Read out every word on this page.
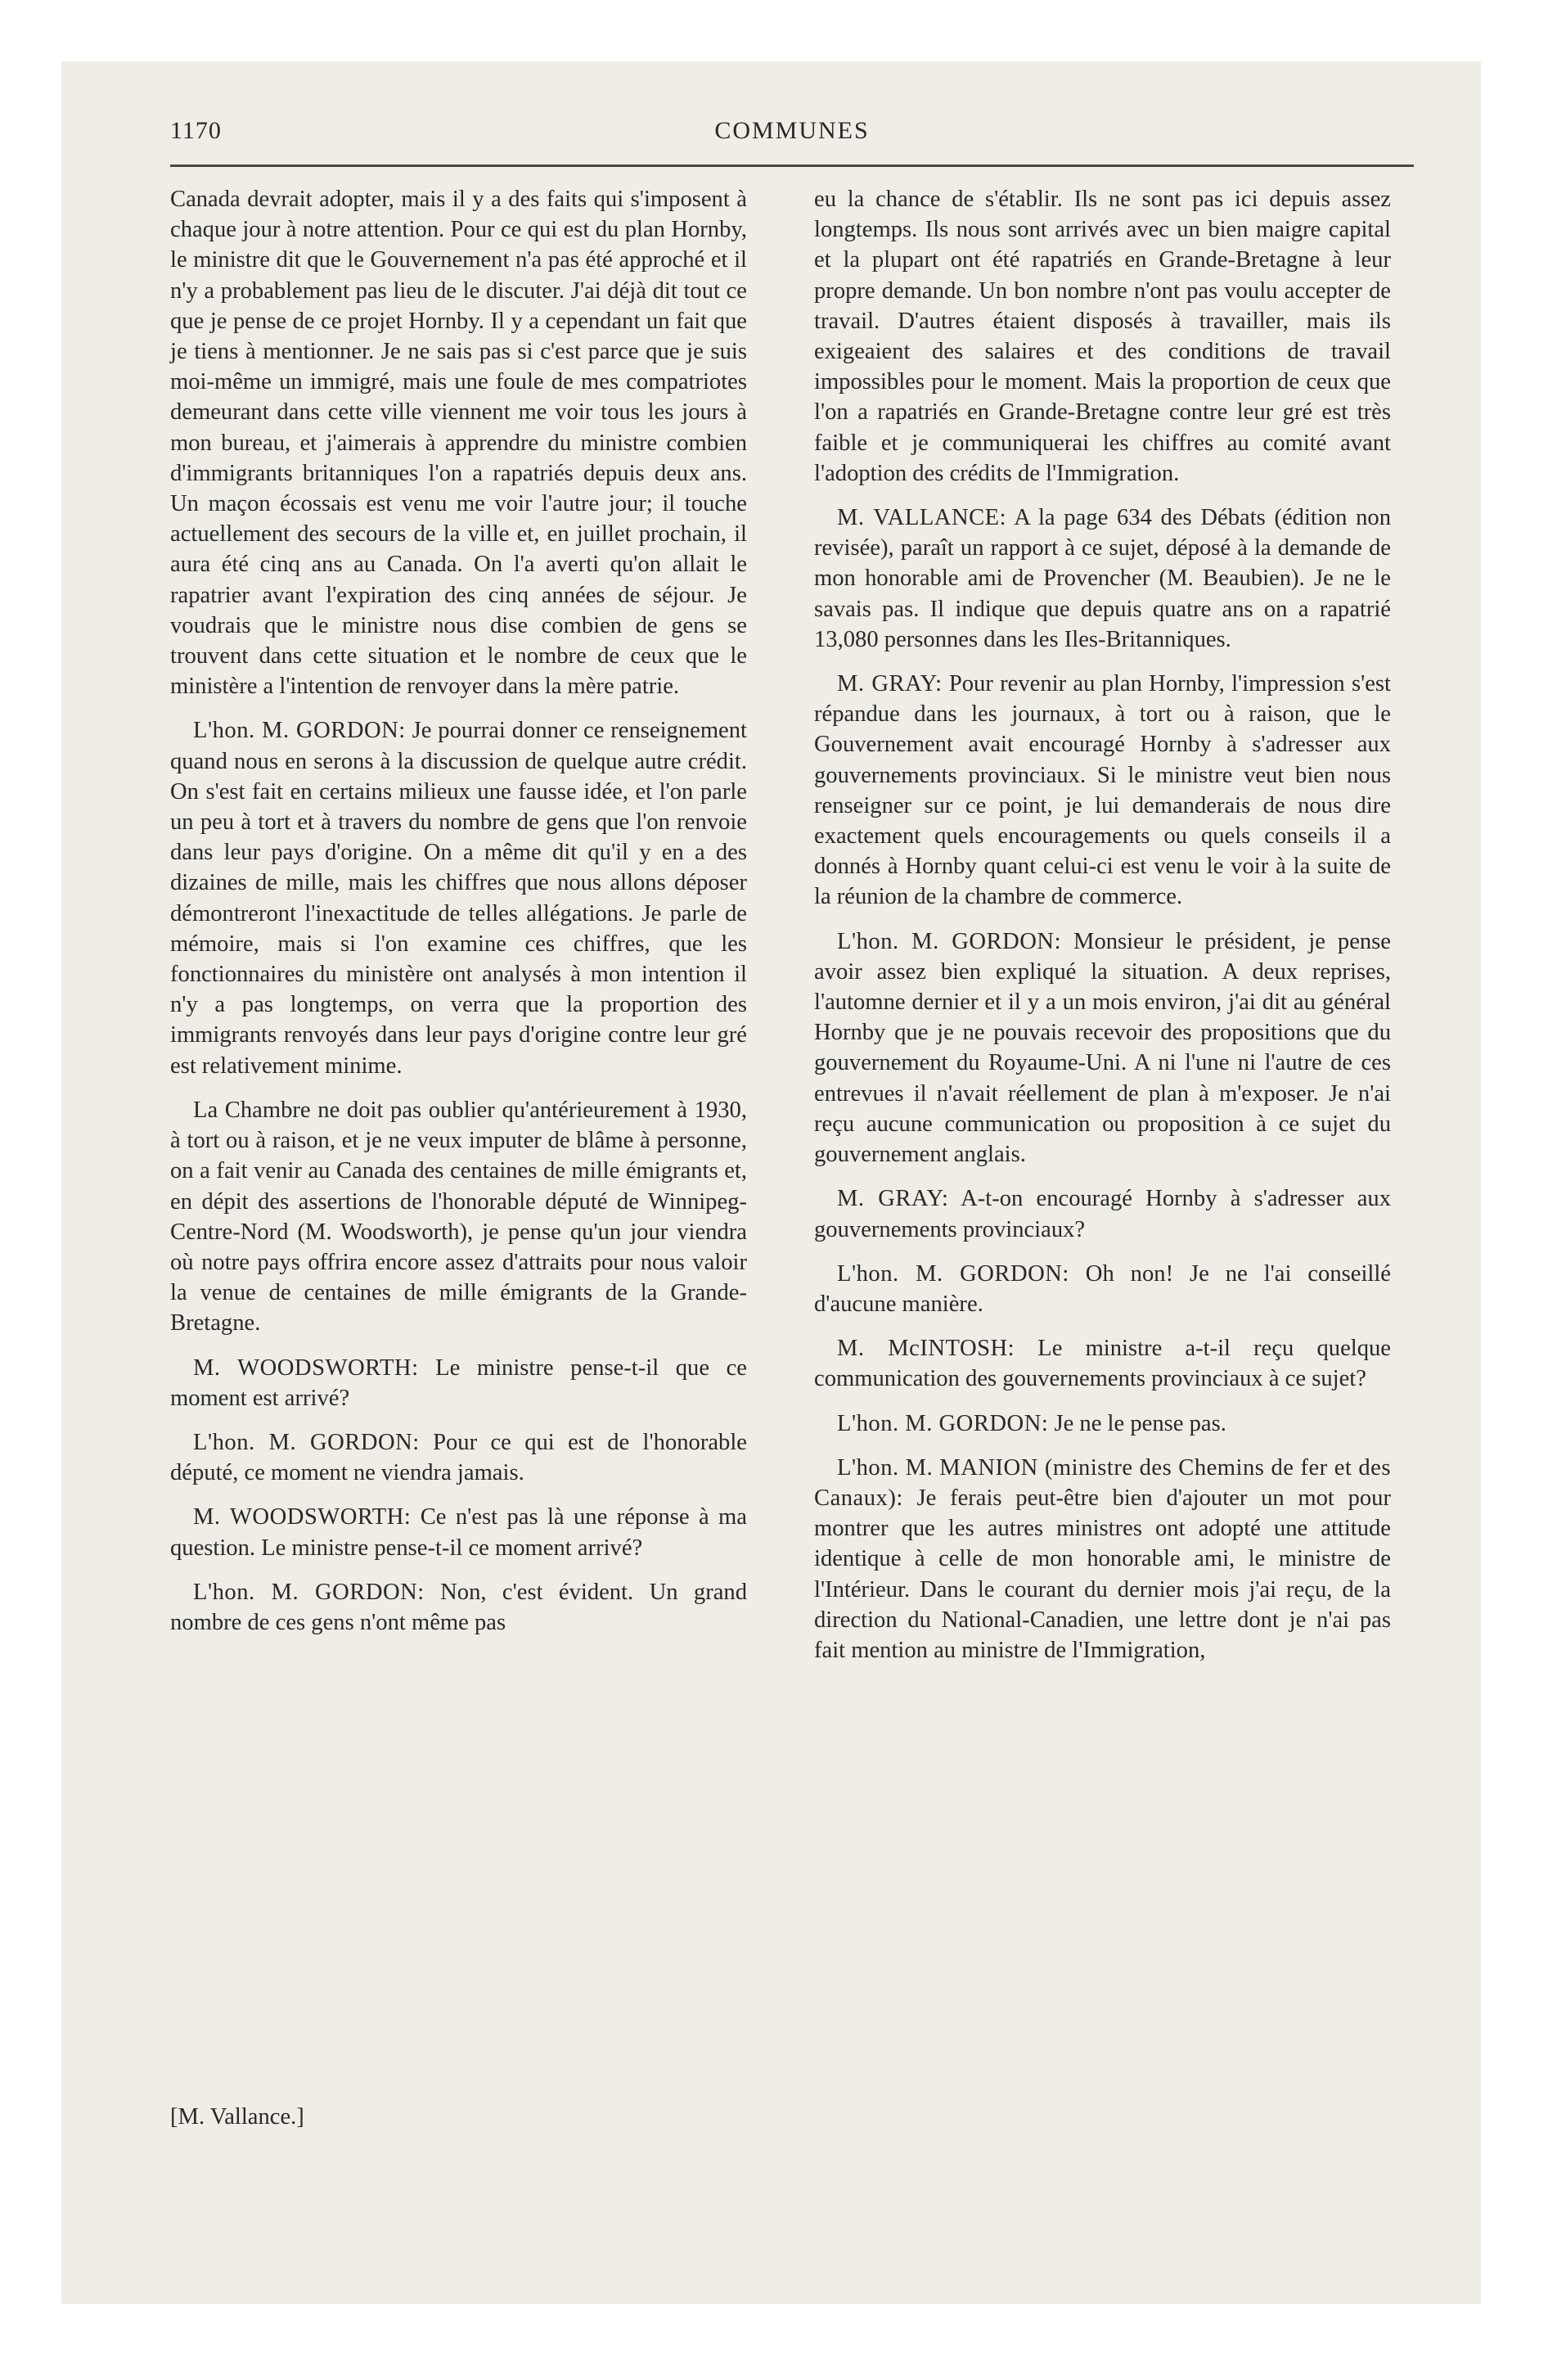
1170	COMMUNES

Canada devrait adopter, mais il y a des faits qui s'imposent à chaque jour à notre attention. Pour ce qui est du plan Hornby, le ministre dit que le Gouvernement n'a pas été approché et il n'y a probablement pas lieu de le discuter. J'ai déjà dit tout ce que je pense de ce projet Hornby. Il y a cependant un fait que je tiens à mentionner. Je ne sais pas si c'est parce que je suis moi-même un immigré, mais une foule de mes compatriotes demeurant dans cette ville viennent me voir tous les jours à mon bureau, et j'aimerais à apprendre du ministre combien d'immigrants britanniques l'on a rapatriés depuis deux ans. Un maçon écossais est venu me voir l'autre jour; il touche actuellement des secours de la ville et, en juillet prochain, il aura été cinq ans au Canada. On l'a averti qu'on allait le rapatrier avant l'expiration des cinq années de séjour. Je voudrais que le ministre nous dise combien de gens se trouvent dans cette situation et le nombre de ceux que le ministère a l'intention de renvoyer dans la mère patrie.

L'hon. M. GORDON: Je pourrai donner ce renseignement quand nous en serons à la discussion de quelque autre crédit. On s'est fait en certains milieux une fausse idée, et l'on parle un peu à tort et à travers du nombre de gens que l'on renvoie dans leur pays d'origine. On a même dit qu'il y en a des dizaines de mille, mais les chiffres que nous allons déposer démontreront l'inexactitude de telles allégations. Je parle de mémoire, mais si l'on examine ces chiffres, que les fonctionnaires du ministère ont analysés à mon intention il n'y a pas longtemps, on verra que la proportion des immigrants renvoyés dans leur pays d'origine contre leur gré est relativement minime.

La Chambre ne doit pas oublier qu'antérieurement à 1930, à tort ou à raison, et je ne veux imputer de blâme à personne, on a fait venir au Canada des centaines de mille émigrants et, en dépit des assertions de l'honorable député de Winnipeg-Centre-Nord (M. Woodsworth), je pense qu'un jour viendra où notre pays offrira encore assez d'attraits pour nous valoir la venue de centaines de mille émigrants de la Grande-Bretagne.

M. WOODSWORTH: Le ministre pense-t-il que ce moment est arrivé?

L'hon. M. GORDON: Pour ce qui est de l'honorable député, ce moment ne viendra jamais.

M. WOODSWORTH: Ce n'est pas là une réponse à ma question. Le ministre pense-t-il ce moment arrivé?

L'hon. M. GORDON: Non, c'est évident. Un grand nombre de ces gens n'ont même pas

[M. Vallance.]

eu la chance de s'établir. Ils ne sont pas ici depuis assez longtemps. Ils nous sont arrivés avec un bien maigre capital et la plupart ont été rapatriés en Grande-Bretagne à leur propre demande. Un bon nombre n'ont pas voulu accepter de travail. D'autres étaient disposés à travailler, mais ils exigeaient des salaires et des conditions de travail impossibles pour le moment. Mais la proportion de ceux que l'on a rapatriés en Grande-Bretagne contre leur gré est très faible et je communiquerai les chiffres au comité avant l'adoption des crédits de l'Immigration.

M. VALLANCE: A la page 634 des Débats (édition non revisée), paraît un rapport à ce sujet, déposé à la demande de mon honorable ami de Provencher (M. Beaubien). Je ne le savais pas. Il indique que depuis quatre ans on a rapatrié 13,080 personnes dans les Iles-Britanniques.

M. GRAY: Pour revenir au plan Hornby, l'impression s'est répandue dans les journaux, à tort ou à raison, que le Gouvernement avait encouragé Hornby à s'adresser aux gouvernements provinciaux. Si le ministre veut bien nous renseigner sur ce point, je lui demanderais de nous dire exactement quels encouragements ou quels conseils il a donnés à Hornby quant celui-ci est venu le voir à la suite de la réunion de la chambre de commerce.

L'hon. M. GORDON: Monsieur le président, je pense avoir assez bien expliqué la situation. A deux reprises, l'automne dernier et il y a un mois environ, j'ai dit au général Hornby que je ne pouvais recevoir des propositions que du gouvernement du Royaume-Uni. A ni l'une ni l'autre de ces entrevues il n'avait réellement de plan à m'exposer. Je n'ai reçu aucune communication ou proposition à ce sujet du gouvernement anglais.

M. GRAY: A-t-on encouragé Hornby à s'adresser aux gouvernements provinciaux?

L'hon. M. GORDON: Oh non! Je ne l'ai conseillé d'aucune manière.

M. McINTOSH: Le ministre a-t-il reçu quelque communication des gouvernements provinciaux à ce sujet?

L'hon. M. GORDON: Je ne le pense pas.

L'hon. M. MANION (ministre des Chemins de fer et des Canaux): Je ferais peut-être bien d'ajouter un mot pour montrer que les autres ministres ont adopté une attitude identique à celle de mon honorable ami, le ministre de l'Intérieur. Dans le courant du dernier mois j'ai reçu, de la direction du National-Canadien, une lettre dont je n'ai pas fait mention au ministre de l'Immigration,
